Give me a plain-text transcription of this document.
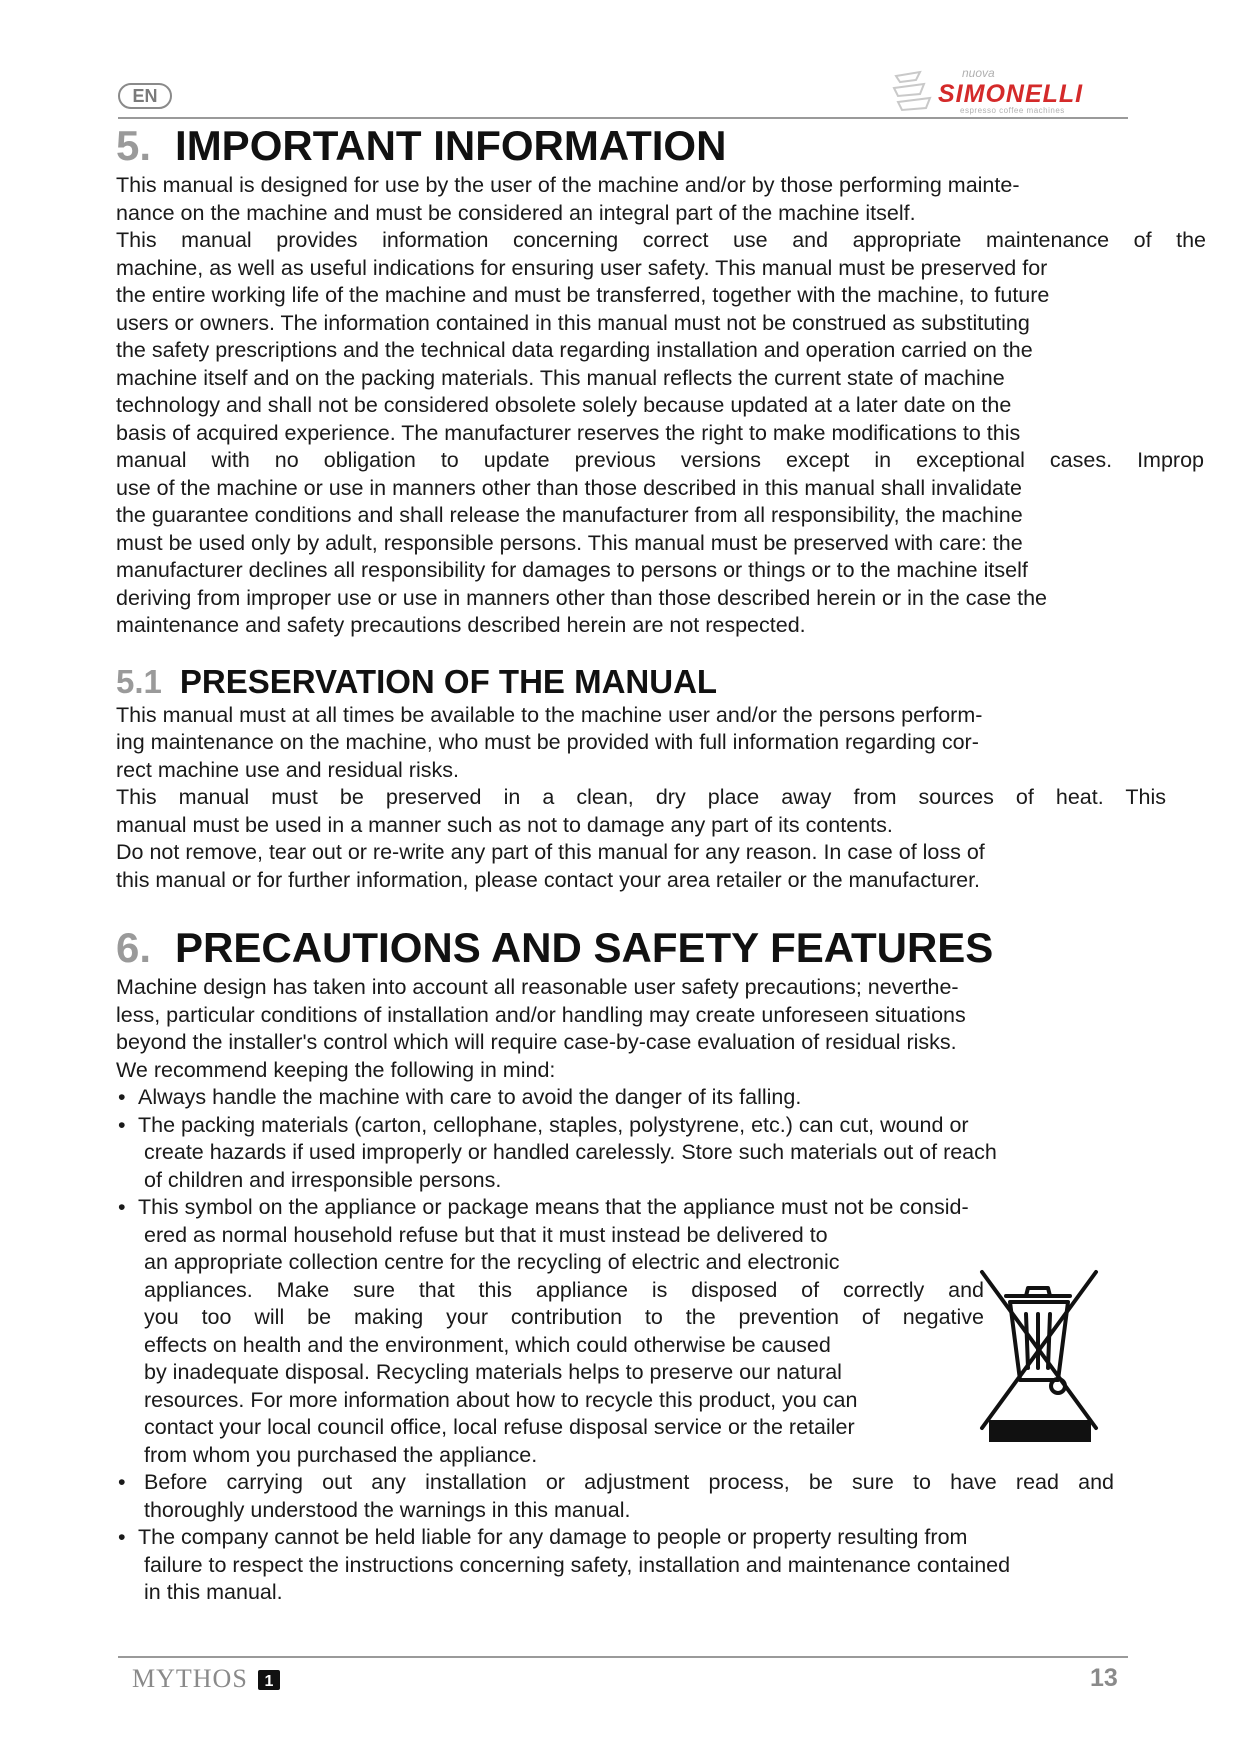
EN
nuova
SIMONELLI
espresso coffee machines
5. IMPORTANT INFORMATION

This manual is designed for use by the user of the machine and/or by those performing mainte-

nance on the machine and must be considered an integral part of the machine itself.

This manual provides information concerning correct use and appropriate maintenance of the

machine, as well as useful indications for ensuring user safety. This manual must be preserved for

the entire working life of the machine and must be transferred, together with the machine, to future

users or owners. The information contained in this manual must not be construed as substituting

the safety prescriptions and the technical data regarding installation and operation carried on the

machine itself and on the packing materials. This manual reflects the current state of machine

technology and shall not be considered obsolete solely because updated at a later date on the

basis of acquired experience. The manufacturer reserves the right to make modifications to this

manual with no obligation to update previous versions except in exceptional cases. Improp

use of the machine or use in manners other than those described in this manual shall invalidate

the guarantee conditions and shall release the manufacturer from all responsibility, the machine

must be used only by adult, responsible persons. This manual must be preserved with care: the

manufacturer declines all responsibility for damages to persons or things or to the machine itself

deriving from improper use or use in manners other than those described herein or in the case the

maintenance and safety precautions described herein are not respected.

5.1 PRESERVATION OF THE MANUAL

This manual must at all times be available to the machine user and/or the persons perform-

ing maintenance on the machine, who must be provided with full information regarding cor-

rect machine use and residual risks.

This manual must be preserved in a clean, dry place away from sources of heat. This

manual must be used in a manner such as not to damage any part of its contents.

Do not remove, tear out or re-write any part of this manual for any reason. In case of loss of

this manual or for further information, please contact your area retailer or the manufacturer.

6. PRECAUTIONS AND SAFETY FEATURES

Machine design has taken into account all reasonable user safety precautions; neverthe-

less, particular conditions of installation and/or handling may create unforeseen situations

beyond the installer's control which will require case-by-case evaluation of residual risks.

We recommend keeping the following in mind:

• Always handle the machine with care to avoid the danger of its falling.
• The packing materials (carton, cellophane, staples, polystyrene, etc.) can cut, wound or
create hazards if used improperly or handled carelessly. Store such materials out of reach
of children and irresponsible persons.
• This symbol on the appliance or package means that the appliance must not be consid-
ered as normal household refuse but that it must instead be delivered to
an appropriate collection centre for the recycling of electric and electronic
appliances. Make sure that this appliance is disposed of correctly and
you too will be making your contribution to the prevention of negative
effects on health and the environment, which could otherwise be caused
by inadequate disposal. Recycling materials helps to preserve our natural
resources. For more information about how to recycle this product, you can
contact your local council office, local refuse disposal service or the retailer
from whom you purchased the appliance.
• Before carrying out any installation or adjustment process, be sure to have read and
thoroughly understood the warnings in this manual.
• The company cannot be held liable for any damage to people or property resulting from
failure to respect the instructions concerning safety, installation and maintenance contained
in this manual.
MYTHOS 1	13
